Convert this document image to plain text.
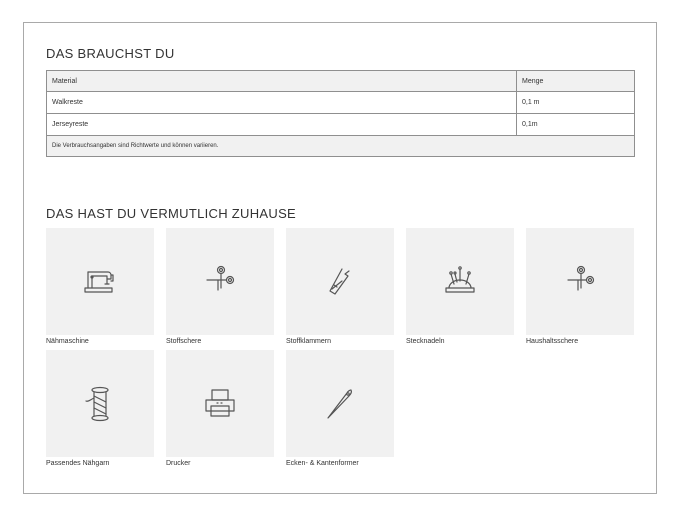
DAS BRAUCHST DU
Material	Menge
Walkreste	0,1 m
Jerseyreste	0,1m
Die Verbrauchsangaben sind Richtwerte und können variieren.	
DAS HAST DU VERMUTLICH ZUHAUSE
Nähmaschine	Stoffschere	Stoffklammern	Stecknadeln	Haushaltsschere
Passendes Nähgarn	Drucker	Ecken- & Kantenformer
